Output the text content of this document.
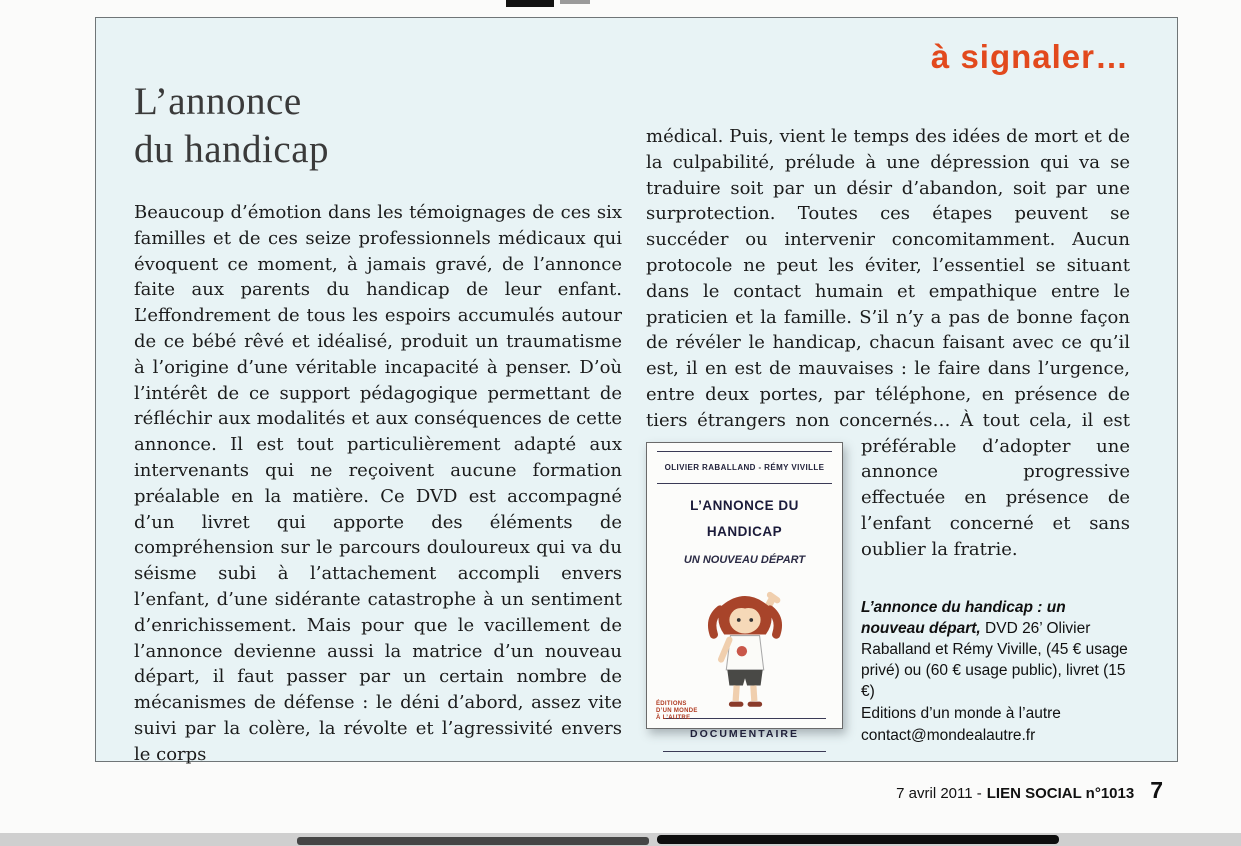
à signaler…
L’annonce
du handicap
Beaucoup d’émotion dans les témoignages de ces six familles et de ces seize professionnels médicaux qui évoquent ce moment, à jamais gravé, de l’annonce faite aux parents du handicap de leur enfant. L’effondrement de tous les espoirs accumulés autour de ce bébé rêvé et idéalisé, produit un traumatisme à l’origine d’une véritable incapacité à penser. D’où l’intérêt de ce support pédagogique permettant de réfléchir aux modalités et aux conséquences de cette annonce. Il est tout particulièrement adapté aux intervenants qui ne reçoivent aucune formation préalable en la matière. Ce DVD est accompagné d’un livret qui apporte des éléments de compréhension sur le parcours douloureux qui va du séisme subi à l’attachement accompli envers l’enfant, d’une sidérante catastrophe à un sentiment d’enrichissement. Mais pour que le vacillement de l’annonce devienne aussi la matrice d’un nouveau départ, il faut passer par un certain nombre de mécanismes de défense : le déni d’abord, assez vite suivi par la colère, la révolte et l’agressivité envers le corps
médical. Puis, vient le temps des idées de mort et de la culpabilité, prélude à une dépression qui va se traduire soit par un désir d’abandon, soit par une surprotection. Toutes ces étapes peuvent se succéder ou intervenir concomitamment. Aucun protocole ne peut les éviter, l’essentiel se situant dans le contact humain et empathique entre le praticien et la famille. S’il n’y a pas de bonne façon de révéler le handicap, chacun faisant avec ce qu’il est, il en est de mauvaises : le faire dans l’urgence, entre deux portes, par téléphone, en présence de tiers étrangers non concernés… À tout
OLIVIER RABALLAND - RÉMY VIVILLE
L’ANNONCE DU HANDICAP
UN NOUVEAU DÉPART
DOCUMENTAIRE
ÉDITIONS
D’UN MONDE
À L’AUTRE
cela, il est préférable d’adopter une annonce progressive effectuée en présence de l’enfant concerné et sans oublier la fratrie.
L’annonce du handicap : un nouveau départ, DVD 26’ Olivier Raballand et Rémy Viville, (45 € usage privé) ou (60 € usage public), livret (15 €)
Editions d’un monde à l’autre
contact@mondealautre.fr
7 avril 2011 - LIEN SOCIAL n°1013 7
